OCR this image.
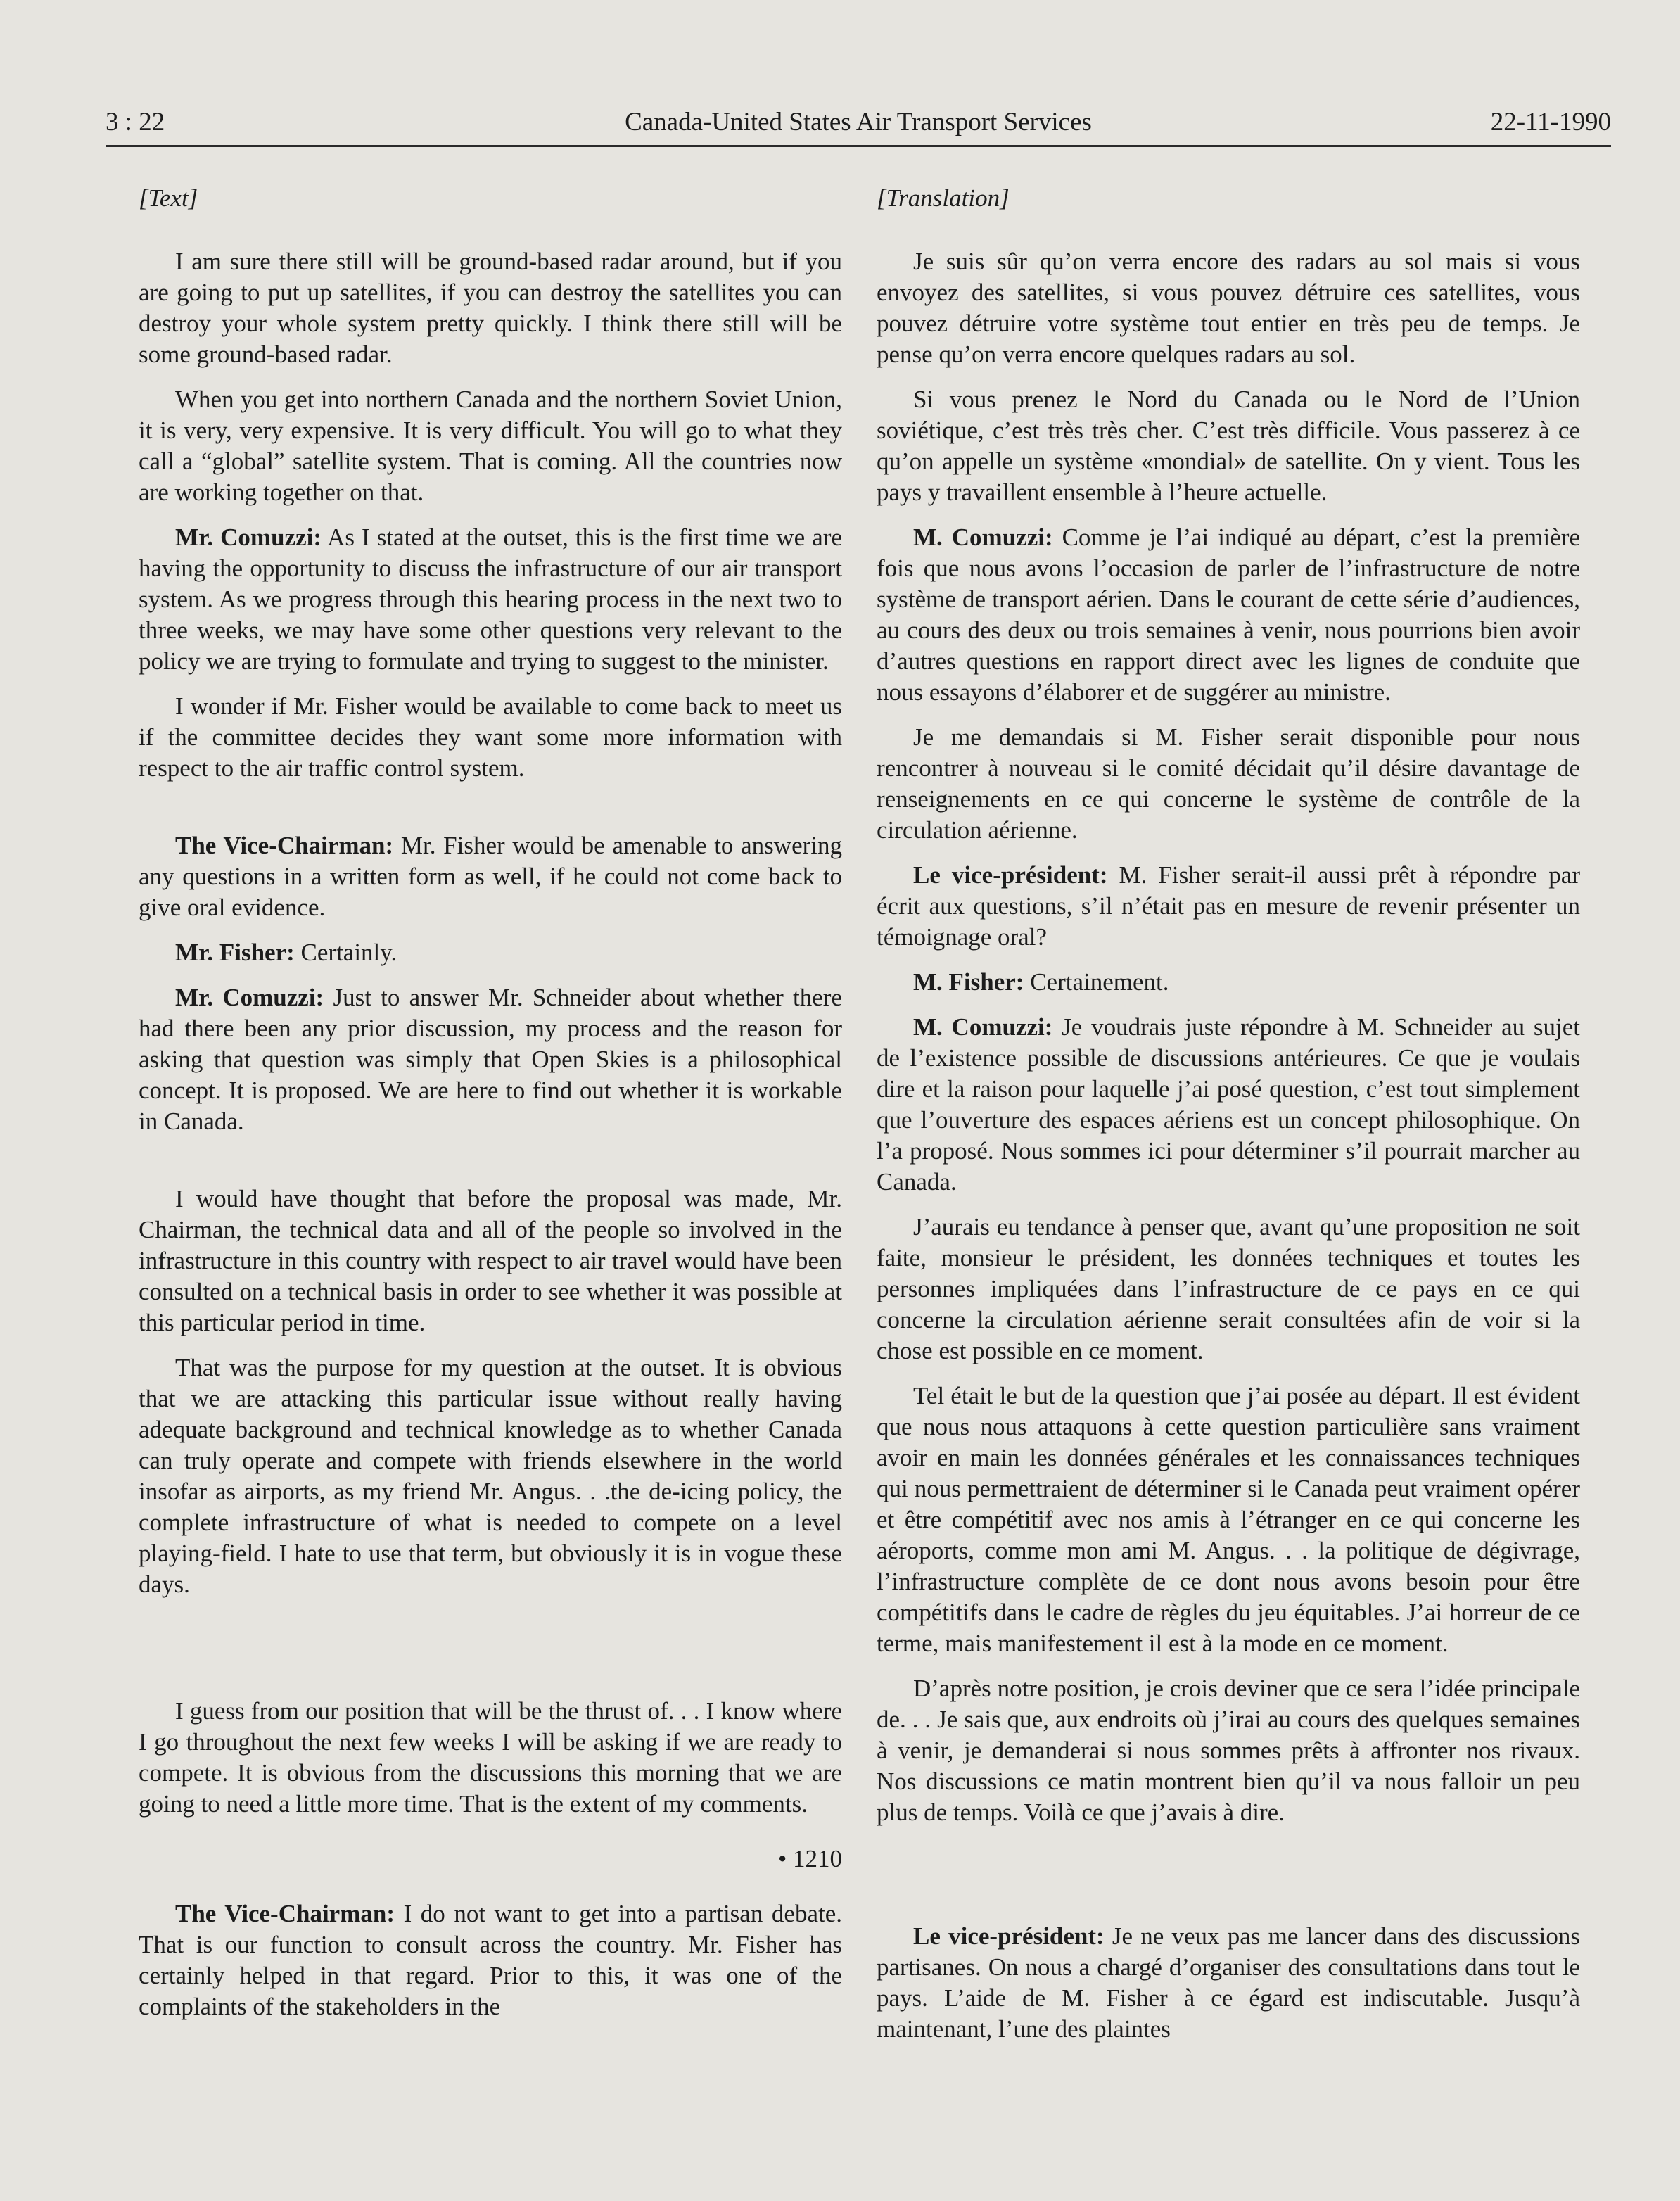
3 : 22	Canada-United States Air Transport Services	22-11-1990

[Text]

I am sure there still will be ground-based radar around, but if you are going to put up satellites, if you can destroy the satellites you can destroy your whole system pretty quickly. I think there still will be some ground-based radar.

When you get into northern Canada and the northern Soviet Union, it is very, very expensive. It is very difficult. You will go to what they call a “global” satellite system. That is coming. All the countries now are working together on that.

Mr. Comuzzi: As I stated at the outset, this is the first time we are having the opportunity to discuss the infrastructure of our air transport system. As we progress through this hearing process in the next two to three weeks, we may have some other questions very relevant to the policy we are trying to formulate and trying to suggest to the minister.

I wonder if Mr. Fisher would be available to come back to meet us if the committee decides they want some more information with respect to the air traffic control system.

The Vice-Chairman: Mr. Fisher would be amenable to answering any questions in a written form as well, if he could not come back to give oral evidence.

Mr. Fisher: Certainly.

Mr. Comuzzi: Just to answer Mr. Schneider about whether there had there been any prior discussion, my process and the reason for asking that question was simply that Open Skies is a philosophical concept. It is proposed. We are here to find out whether it is workable in Canada.

I would have thought that before the proposal was made, Mr. Chairman, the technical data and all of the people so involved in the infrastructure in this country with respect to air travel would have been consulted on a technical basis in order to see whether it was possible at this particular period in time.

That was the purpose for my question at the outset. It is obvious that we are attacking this particular issue without really having adequate background and technical knowledge as to whether Canada can truly operate and compete with friends elsewhere in the world insofar as airports, as my friend Mr. Angus. . .the de-icing policy, the complete infrastructure of what is needed to compete on a level playing-field. I hate to use that term, but obviously it is in vogue these days.

I guess from our position that will be the thrust of. . . I know where I go throughout the next few weeks I will be asking if we are ready to compete. It is obvious from the discussions this morning that we are going to need a little more time. That is the extent of my comments.

• 1210

The Vice-Chairman: I do not want to get into a partisan debate. That is our function to consult across the country. Mr. Fisher has certainly helped in that regard. Prior to this, it was one of the complaints of the stakeholders in the

[Translation]

Je suis sûr qu’on verra encore des radars au sol mais si vous envoyez des satellites, si vous pouvez détruire ces satellites, vous pouvez détruire votre système tout entier en très peu de temps. Je pense qu’on verra encore quelques radars au sol.

Si vous prenez le Nord du Canada ou le Nord de l’Union soviétique, c’est très très cher. C’est très difficile. Vous passerez à ce qu’on appelle un système «mondial» de satellite. On y vient. Tous les pays y travaillent ensemble à l’heure actuelle.

M. Comuzzi: Comme je l’ai indiqué au départ, c’est la première fois que nous avons l’occasion de parler de l’infrastructure de notre système de transport aérien. Dans le courant de cette série d’audiences, au cours des deux ou trois semaines à venir, nous pourrions bien avoir d’autres questions en rapport direct avec les lignes de conduite que nous essayons d’élaborer et de suggérer au ministre.

Je me demandais si M. Fisher serait disponible pour nous rencontrer à nouveau si le comité décidait qu’il désire davantage de renseignements en ce qui concerne le système de contrôle de la circulation aérienne.

Le vice-président: M. Fisher serait-il aussi prêt à répondre par écrit aux questions, s’il n’était pas en mesure de revenir présenter un témoignage oral?

M. Fisher: Certainement.

M. Comuzzi: Je voudrais juste répondre à M. Schneider au sujet de l’existence possible de discussions antérieures. Ce que je voulais dire et la raison pour laquelle j’ai posé question, c’est tout simplement que l’ouverture des espaces aériens est un concept philosophique. On l’a proposé. Nous sommes ici pour déterminer s’il pourrait marcher au Canada.

J’aurais eu tendance à penser que, avant qu’une proposition ne soit faite, monsieur le président, les données techniques et toutes les personnes impliquées dans l’infrastructure de ce pays en ce qui concerne la circulation aérienne serait consultées afin de voir si la chose est possible en ce moment.

Tel était le but de la question que j’ai posée au départ. Il est évident que nous nous attaquons à cette question particulière sans vraiment avoir en main les données générales et les connaissances techniques qui nous permettraient de déterminer si le Canada peut vraiment opérer et être compétitif avec nos amis à l’étranger en ce qui concerne les aéroports, comme mon ami M. Angus. . . la politique de dégivrage, l’infrastructure complète de ce dont nous avons besoin pour être compétitifs dans le cadre de règles du jeu équitables. J’ai horreur de ce terme, mais manifestement il est à la mode en ce moment.

D’après notre position, je crois deviner que ce sera l’idée principale de. . . Je sais que, aux endroits où j’irai au cours des quelques semaines à venir, je demanderai si nous sommes prêts à affronter nos rivaux. Nos discussions ce matin montrent bien qu’il va nous falloir un peu plus de temps. Voilà ce que j’avais à dire.

Le vice-président: Je ne veux pas me lancer dans des discussions partisanes. On nous a chargé d’organiser des consultations dans tout le pays. L’aide de M. Fisher à ce égard est indiscutable. Jusqu’à maintenant, l’une des plaintes
